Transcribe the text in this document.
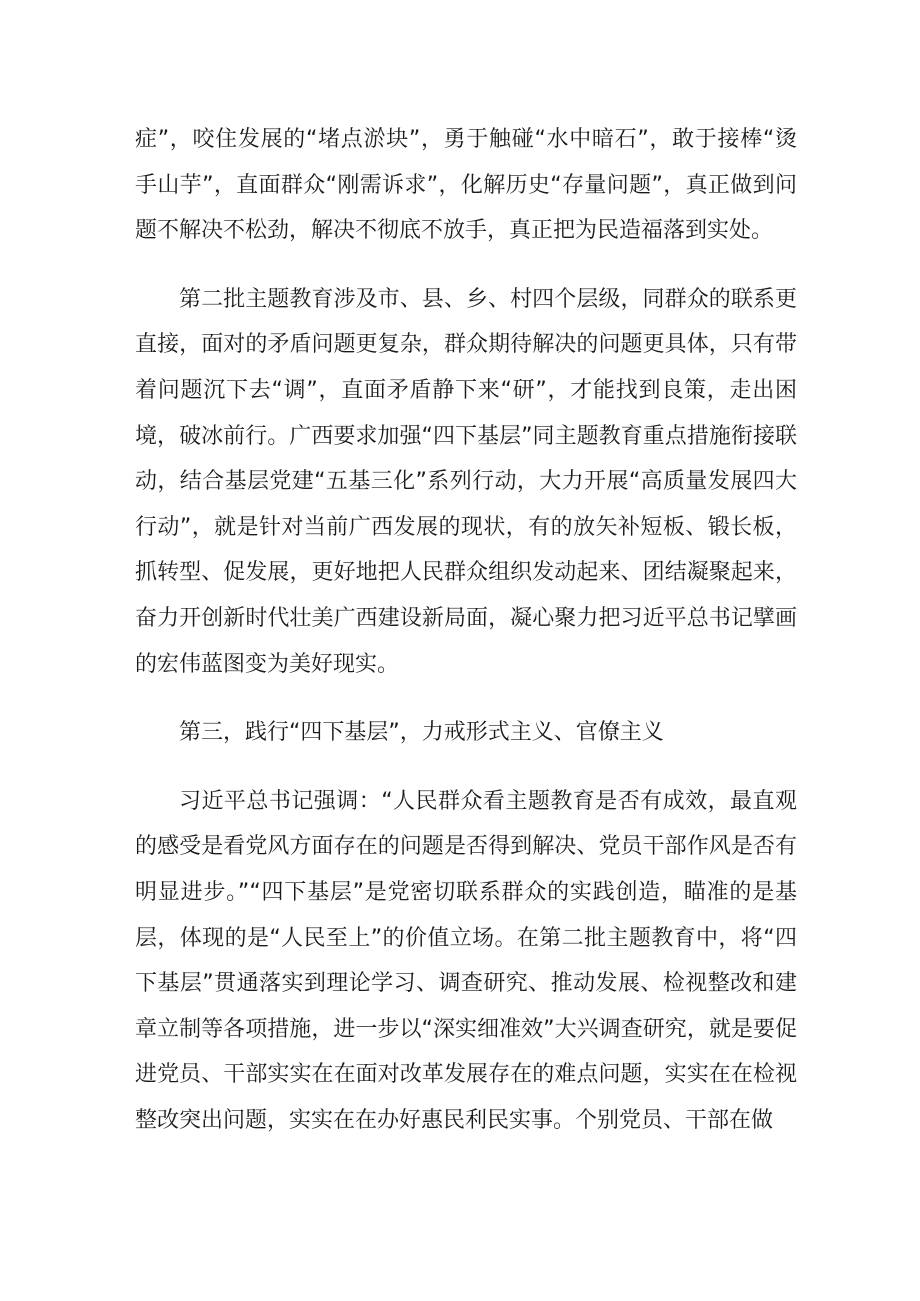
症”，咬住发展的“堵点淤块”，勇于触碰“水中暗石”，敢于接棒“烫手山芋”，直面群众“刚需诉求”，化解历史“存量问题”，真正做到问题不解决不松劲，解决不彻底不放手，真正把为民造福落到实处。

第二批主题教育涉及市、县、乡、村四个层级，同群众的联系更直接，面对的矛盾问题更复杂，群众期待解决的问题更具体，只有带着问题沉下去“调”，直面矛盾静下来“研”，才能找到良策，走出困境，破冰前行。广西要求加强“四下基层”同主题教育重点措施衔接联动，结合基层党建“五基三化”系列行动，大力开展“高质量发展四大行动”，就是针对当前广西发展的现状，有的放矢补短板、锻长板，抓转型、促发展，更好地把人民群众组织发动起来、团结凝聚起来，奋力开创新时代壮美广西建设新局面，凝心聚力把习近平总书记擘画的宏伟蓝图变为美好现实。

第三，践行“四下基层”，力戒形式主义、官僚主义

习近平总书记强调：“人民群众看主题教育是否有成效，最直观的感受是看党风方面存在的问题是否得到解决、党员干部作风是否有明显进步。”“四下基层”是党密切联系群众的实践创造，瞄准的是基层，体现的是“人民至上”的价值立场。在第二批主题教育中，将“四下基层”贯通落实到理论学习、调查研究、推动发展、检视整改和建章立制等各项措施，进一步以“深实细准效”大兴调查研究，就是要促进党员、干部实实在在面对改革发展存在的难点问题，实实在在检视整改突出问题，实实在在办好惠民利民实事。个别党员、干部在做
